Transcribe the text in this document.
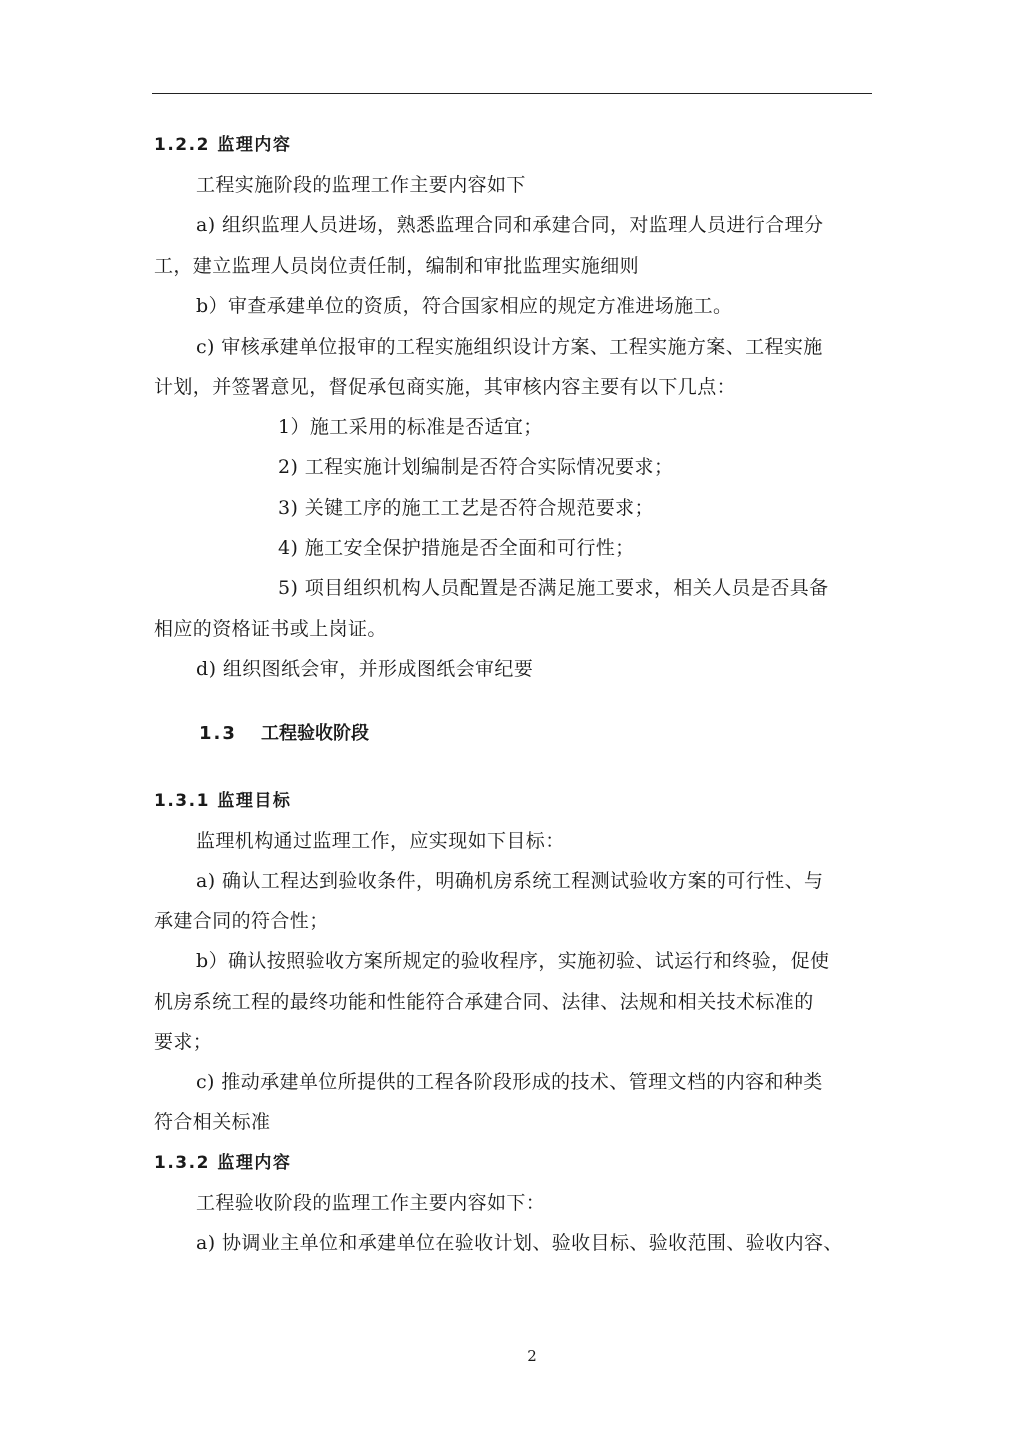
1.2.2 监理内容
工程实施阶段的监理工作主要内容如下
a) 组织监理人员进场，熟悉监理合同和承建合同，对监理人员进行合理分
工，建立监理人员岗位责任制，编制和审批监理实施细则
b）审查承建单位的资质，符合国家相应的规定方准进场施工。
c) 审核承建单位报审的工程实施组织设计方案、工程实施方案、工程实施
计划，并签署意见，督促承包商实施，其审核内容主要有以下几点：
1）施工采用的标准是否适宜；
2) 工程实施计划编制是否符合实际情况要求；
3) 关键工序的施工工艺是否符合规范要求；
4) 施工安全保护措施是否全面和可行性；
5) 项目组织机构人员配置是否满足施工要求，相关人员是否具备
相应的资格证书或上岗证。
d) 组织图纸会审，并形成图纸会审纪要
1.3 工程验收阶段
1.3.1 监理目标
监理机构通过监理工作，应实现如下目标：
a) 确认工程达到验收条件，明确机房系统工程测试验收方案的可行性、与
承建合同的符合性；
b）确认按照验收方案所规定的验收程序，实施初验、试运行和终验，促使
机房系统工程的最终功能和性能符合承建合同、法律、法规和相关技术标准的
要求；
c) 推动承建单位所提供的工程各阶段形成的技术、管理文档的内容和种类
符合相关标准
1.3.2 监理内容
工程验收阶段的监理工作主要内容如下：
a) 协调业主单位和承建单位在验收计划、验收目标、验收范围、验收内容、
2
